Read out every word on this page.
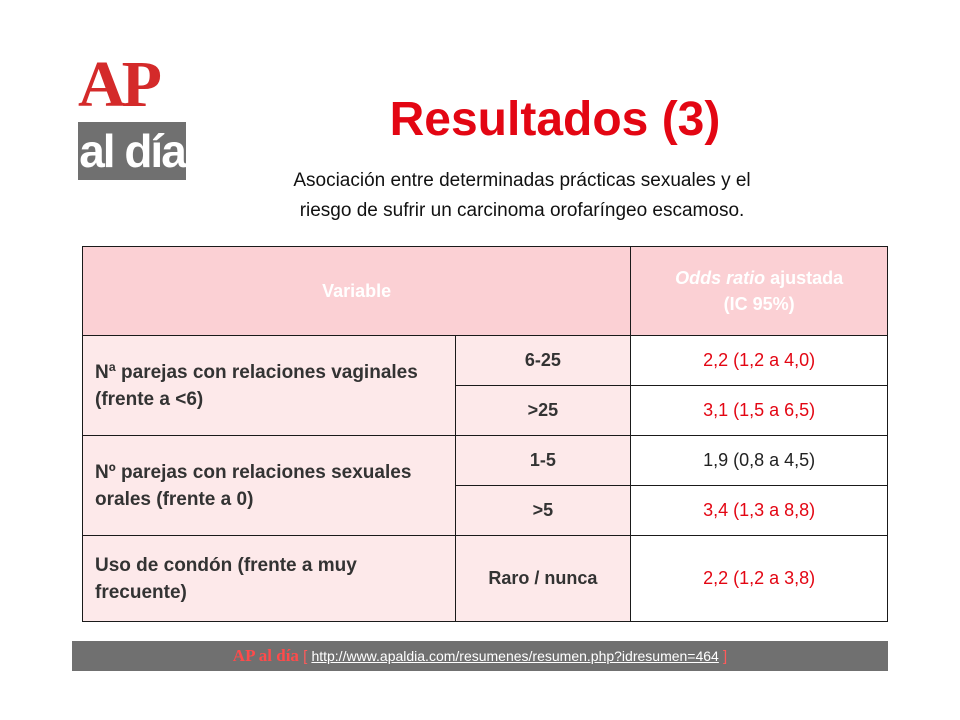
AP
al día
Resultados (3)
Asociación entre determinadas prácticas sexuales y el
riesgo de sufrir un carcinoma orofaríngeo escamoso.
Variable		Odds ratio ajustada
(IC 95%)
Nª parejas con relaciones vaginales (frente a <6)	6-25	2,2 (1,2 a 4,0)
	>25	3,1 (1,5 a 6,5)
Nº parejas con relaciones sexuales orales (frente a 0)	1-5	1,9 (0,8 a 4,5)
	>5	3,4 (1,3 a 8,8)
Uso de condón (frente a muy frecuente)	Raro / nunca	2,2 (1,2 a 3,8)
AP al día [ http://www.apaldia.com/resumenes/resumen.php?idresumen=464 ]
